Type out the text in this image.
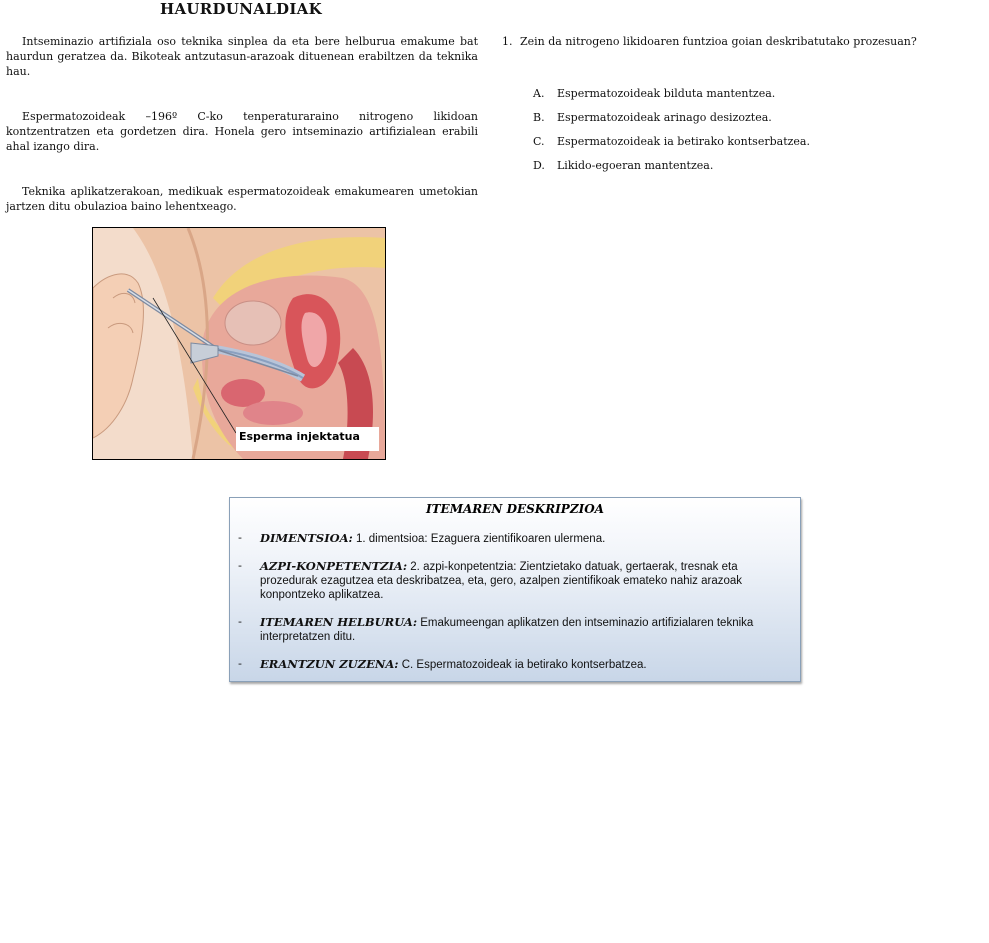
HAURDUNALDIAK

Intseminazio artifiziala oso teknika sinplea da eta bere helburua emakume bat haurdun geratzea da. Bikoteak antzutasun-arazoak dituenean erabiltzen da teknika hau.

Espermatozoideak –196º C-ko tenperaturaraino nitrogeno likidoan kontzentratzen eta gordetzen dira. Honela gero intseminazio artifizialean erabili ahal izango dira.

Teknika aplikatzerakoan, medikuak espermatozoideak emakumearen umetokian jartzen ditu obulazioa baino lehentxeago.

Esperma injektatua
1. Zein da nitrogeno likidoaren funtzioa goian deskribatutako prozesuan?
A.	Espermatozoideak bilduta mantentzea.
B.	Espermatozoideak arinago desizoztea.
C.	Espermatozoideak ia betirako kontserbatzea.
D.	Likido-egoeran mantentzea.
ITEMAREN DESKRIPZIOA
-	DIMENTSIOA: 1. dimentsioa: Ezaguera zientifikoaren ulermena.
-	AZPI-KONPETENTZIA: 2. azpi-konpetentzia: Zientzietako datuak, gertaerak, tresnak eta prozedurak ezagutzea eta deskribatzea, eta, gero, azalpen zientifikoak emateko nahiz arazoak konpontzeko aplikatzea.
-	ITEMAREN HELBURUA: Emakumeengan aplikatzen den intseminazio artifizialaren teknika interpretatzen ditu.
-	ERANTZUN ZUZENA: C. Espermatozoideak ia betirako kontserbatzea.
